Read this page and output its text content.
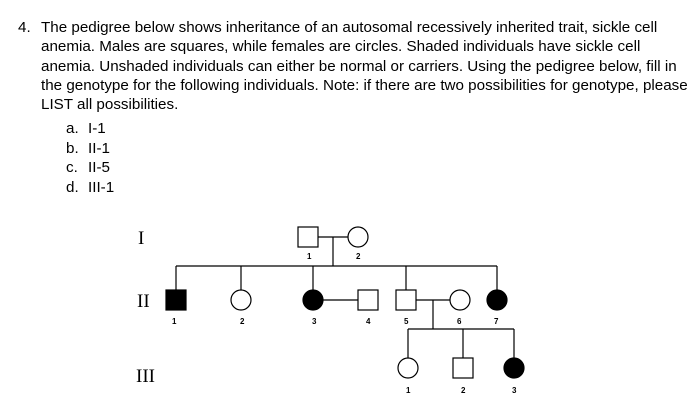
4. The pedigree below shows inheritance of an autosomal recessively inherited trait, sickle cell anemia. Males are squares, while females are circles. Shaded individuals have sickle cell anemia. Unshaded individuals can either be normal or carriers. Using the pedigree below, fill in the genotype for the following individuals. Note: if there are two possibilities for genotype, please LIST all possibilities.
a. I-1
b. II-1
c. II-5
d. III-1
I
II
III
1	2
1	2	3	4	5	6	7
1	2	3
